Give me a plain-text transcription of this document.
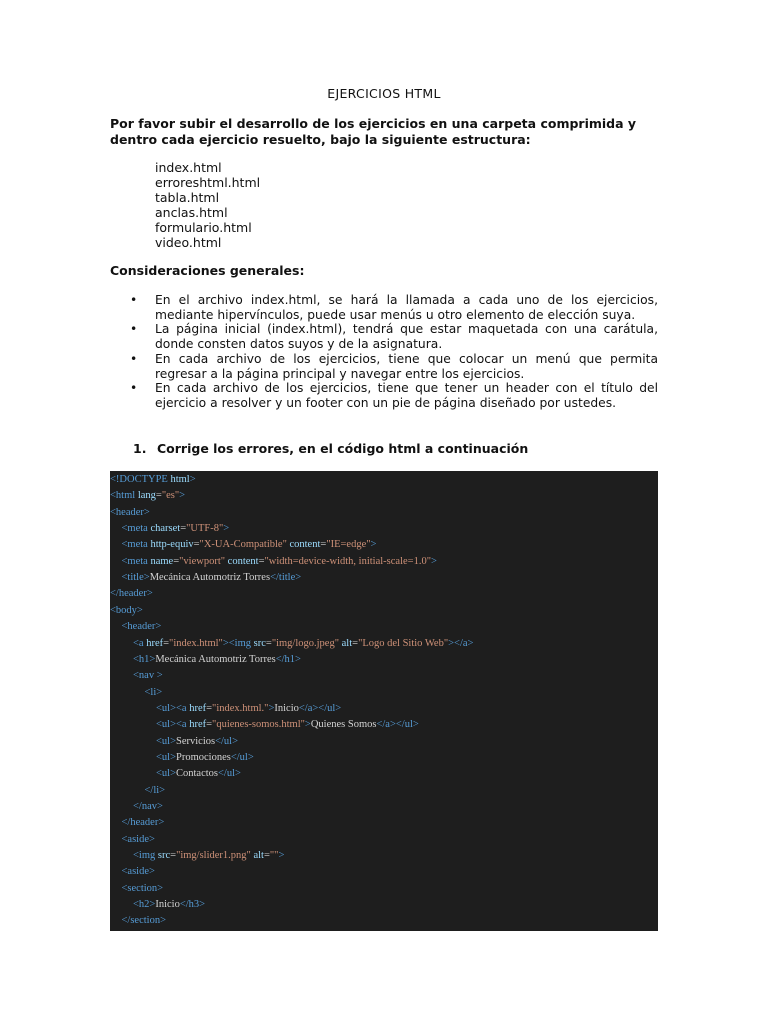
EJERCICIOS HTML
Por favor subir el desarrollo de los ejercicios en una carpeta comprimida y dentro cada ejercicio resuelto, bajo la siguiente estructura:
index.html
erroreshtml.html
tabla.html
anclas.html
formulario.html
video.html
Consideraciones generales:
• En el archivo index.html, se hará la llamada a cada uno de los ejercicios, mediante hipervínculos, puede usar menús u otro elemento de elección suya.
• La página inicial (index.html), tendrá que estar maquetada con una carátula, donde consten datos suyos y de la asignatura.
• En cada archivo de los ejercicios, tiene que colocar un menú que permita regresar a la página principal y navegar entre los ejercicios.
• En cada archivo de los ejercicios, tiene que tener un header con el título del ejercicio a resolver y un footer con un pie de página diseñado por ustedes.
1. Corrige los errores, en el código html a continuación
<!DOCTYPE html>
<html lang="es">
<header>
<meta charset="UTF-8">
<meta http-equiv="X-UA-Compatible" content="IE=edge">
<meta name="viewport" content="width=device-width, initial-scale=1.0">
<title>Mecánica Automotriz Torres</title>
</header>
<body>
<header>
<a href="index.html"><img src="img/logo.jpeg" alt="Logo del Sitio Web"></a>
<h1>Mecánica Automotriz Torres</h1>
<nav >
<li>
<ul><a href="index.html.">Inicio</a></ul>
<ul><a href="quienes-somos.html">Quienes Somos</a></ul>
<ul>Servicios</ul>
<ul>Promociones</ul>
<ul>Contactos</ul>
</li>
</nav>
</header>
<aside>
<img src="img/slider1.png" alt="">
<aside>
<section>
<h2>Inicio</h3>
</section>
